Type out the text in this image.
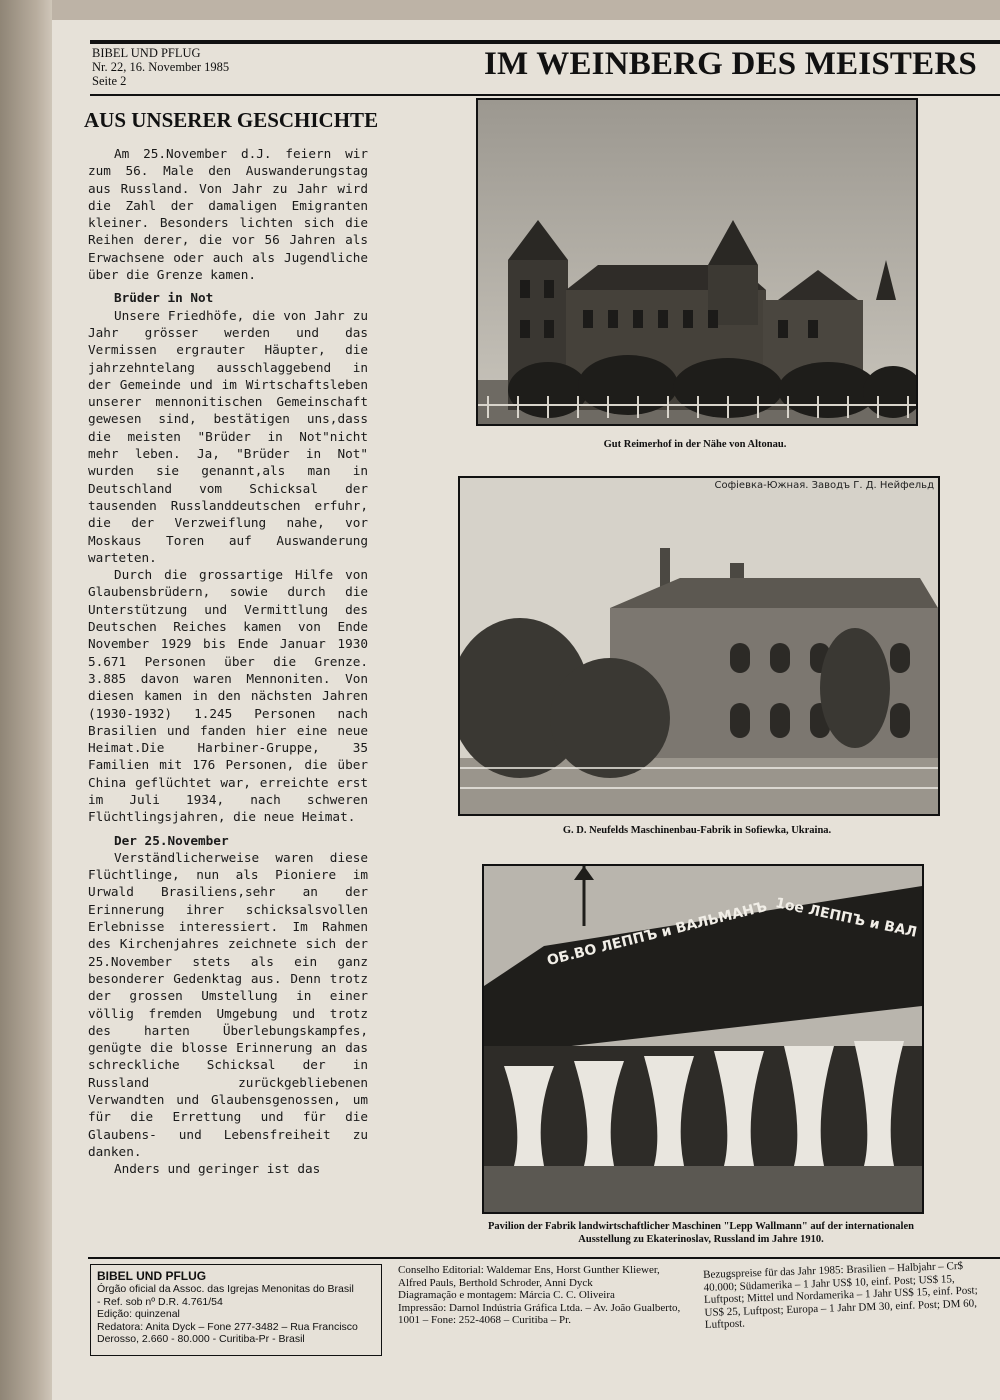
BIBEL UND PFLUG
Nr. 22, 16. November 1985
Seite 2	IM WEINBERG DES MEISTERS
AUS UNSERER GESCHICHTE

Am 25.November d.J. feiern wir zum 56. Male den Auswanderungstag aus Russland. Von Jahr zu Jahr wird die Zahl der damaligen Emigranten kleiner. Besonders lichten sich die Reihen derer, die vor 56 Jahren als Erwachsene oder auch als Jugendliche über die Grenze kamen.

Brüder in Not

Unsere Friedhöfe, die von Jahr zu Jahr grösser werden und das Vermissen ergrauter Häupter, die jahrzehntelang ausschlaggebend in der Gemeinde und im Wirtschaftsleben unserer mennonitischen Gemeinschaft gewesen sind, bestätigen uns,dass die meisten "Brüder in Not"nicht mehr leben. Ja, "Brüder in Not" wurden sie genannt,als man in Deutschland vom Schicksal der tausenden Russlanddeutschen erfuhr, die der Verzweiflung nahe, vor Moskaus Toren auf Auswanderung warteten.

Durch die grossartige Hilfe von Glaubensbrüdern, sowie durch die Unterstützung und Vermittlung des Deutschen Reiches kamen von Ende November 1929 bis Ende Januar 1930 5.671 Personen über die Grenze. 3.885 davon waren Mennoniten. Von diesen kamen in den nächsten Jahren (1930-1932) 1.245 Personen nach Brasilien und fanden hier eine neue Heimat.Die Harbiner-Gruppe, 35 Familien mit 176 Personen, die über China geflüchtet war, erreichte erst im Juli 1934, nach schweren Flüchtlingsjahren, die neue Heimat.

Der 25.November

Verständlicherweise waren diese Flüchtlinge, nun als Pioniere im Urwald Brasiliens,sehr an der Erinnerung ihrer schicksalsvollen Erlebnisse interessiert. Im Rahmen des Kirchenjahres zeichnete sich der 25.November stets als ein ganz besonderer Gedenktag aus. Denn trotz der grossen Umstellung in einer völlig fremden Umgebung und trotz des harten Überlebungskampfes, genügte die blosse Erinnerung an das schreckliche Schicksal der in Russland zurückgebliebenen Verwandten und Glaubensgenossen, um für die Errettung und für die Glaubens- und Lebensfreiheit zu danken.

Anders und geringer ist das

Gut Reimerhof in der Nähe von Altonau.
Софіевка-Южная. Заводъ Г. Д. Нейфельд
G. D. Neufelds Maschinenbau-Fabrik in Sofiewka, Ukraina.
ОБ.ВО ЛЕППЪ и ВАЛЬМАНЪ 1ое ЛЕППЪ и ВАЛ
Pavilion der Fabrik landwirtschaftlicher Maschinen "Lepp Wallmann" auf der internationalen Ausstellung zu Ekaterinoslav, Russland im Jahre 1910.
BIBEL UND PFLUG
Órgão oficial da Assoc. das Igrejas Menonitas do Brasil
- Ref. sob nº D.R. 4.761/54
Edição: quinzenal
Redatora: Anita Dyck – Fone 277-3482 – Rua Francisco Derosso, 2.660 - 80.000 - Curitiba-Pr - Brasil
Conselho Editorial: Waldemar Ens, Horst Gunther Kliewer, Alfred Pauls, Berthold Schroder, Anni Dyck
Diagramação e montagem: Márcia C. C. Oliveira
Impressão: Darnol Indústria Gráfica Ltda. – Av. João Gualberto, 1001 – Fone: 252-4068 – Curitiba – Pr.
Bezugspreise für das Jahr 1985: Brasilien – Halbjahr – Cr$ 40.000; Südamerika – 1 Jahr US$ 10, einf. Post; US$ 15, Luftpost; Mittel und Nordamerika – 1 Jahr US$ 15, einf. Post; US$ 25, Luftpost; Europa – 1 Jahr DM 30, einf. Post; DM 60, Luftpost.
